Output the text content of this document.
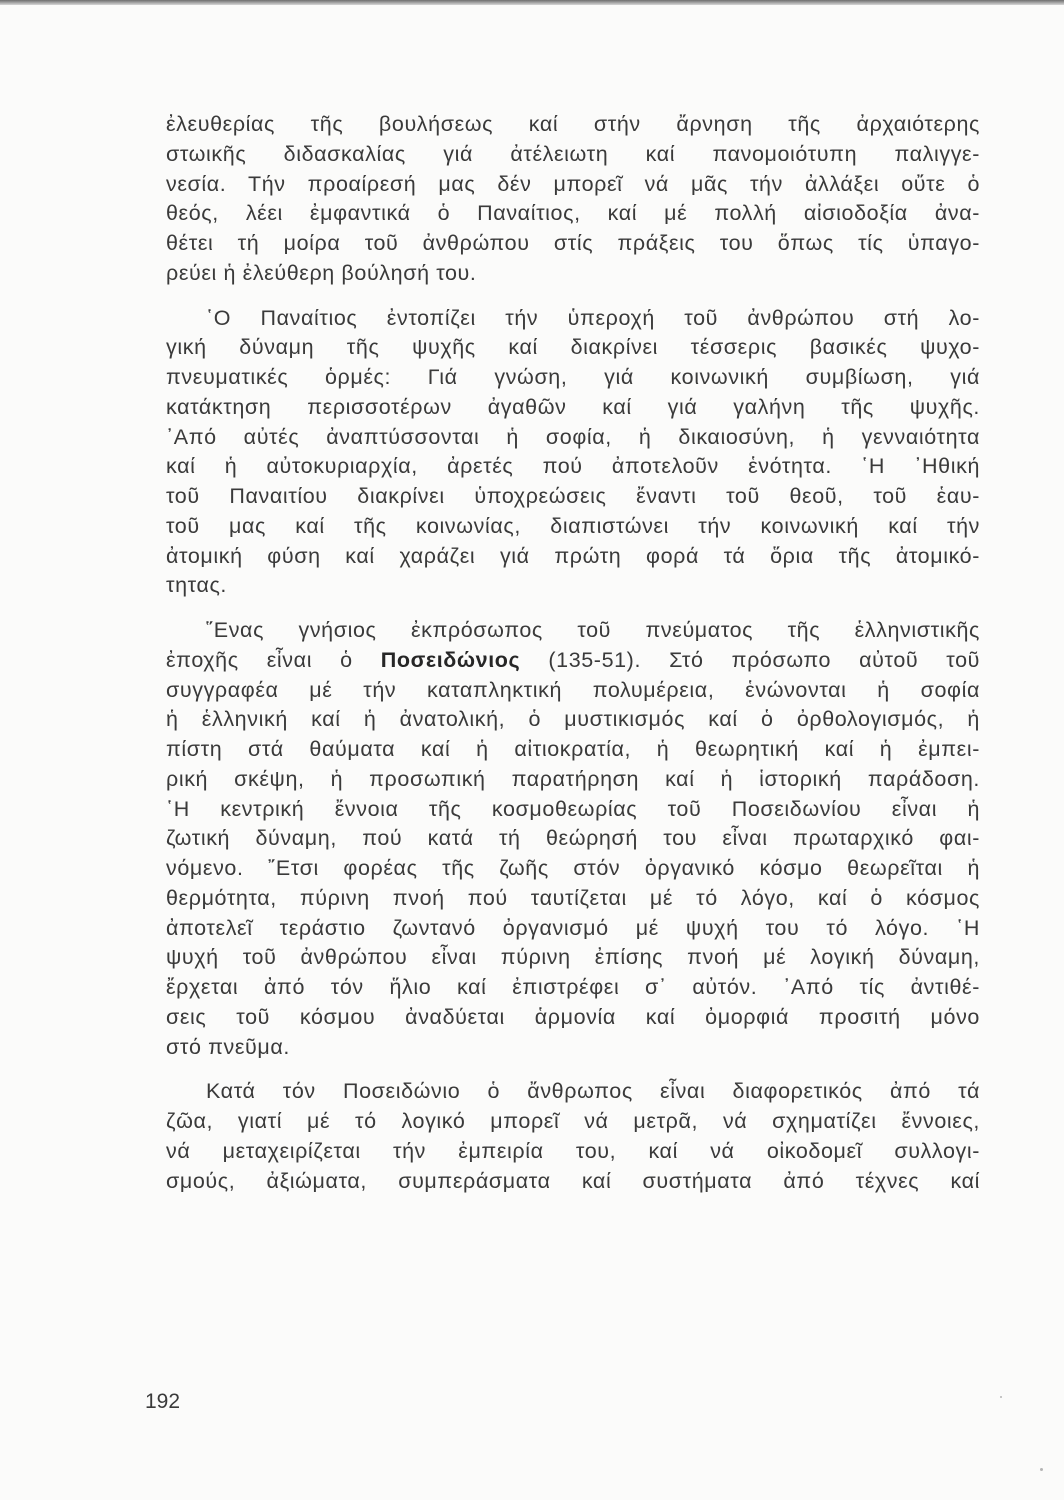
ἐλευθερίας τῆς βουλήσεως καί στήν ἄρνηση τῆς ἀρχαιότερης
στωικῆς διδασκαλίας γιά ἀτέλειωτη καί πανομοιότυπη παλιγγε-
νεσία. Τήν προαίρεσή μας δέν μπορεῖ νά μᾶς τήν ἀλλάξει οὔτε ὁ
θεός, λέει ἐμφαντικά ὁ Παναίτιος, καί μέ πολλή αἰσιοδοξία ἀνα-
θέτει τή μοίρα τοῦ ἀνθρώπου στίς πράξεις του ὅπως τίς ὑπαγο-
ρεύει ἡ ἐλεύθερη βούλησή του.
῾Ο Παναίτιος ἐντοπίζει τήν ὑπεροχή τοῦ ἀνθρώπου στή λο-
γική δύναμη τῆς ψυχῆς καί διακρίνει τέσσερις βασικές ψυχο-
πνευματικές ὁρμές: Γιά γνώση, γιά κοινωνική συμβίωση, γιά
κατάκτηση περισσοτέρων ἀγαθῶν καί γιά γαλήνη τῆς ψυχῆς.
᾿Από αὐτές ἀναπτύσσονται ἡ σοφία, ἡ δικαιοσύνη, ἡ γενναιότητα
καί ἡ αὐτοκυριαρχία, ἀρετές πού ἀποτελοῦν ἑνότητα. ῾Η ᾿Ηθική
τοῦ Παναιτίου διακρίνει ὑποχρεώσεις ἔναντι τοῦ θεοῦ, τοῦ ἑαυ-
τοῦ μας καί τῆς κοινωνίας, διαπιστώνει τήν κοινωνική καί τήν
ἀτομική φύση καί χαράζει γιά πρώτη φορά τά ὅρια τῆς ἀτομικό-
τητας.
῞Ενας γνήσιος ἐκπρόσωπος τοῦ πνεύματος τῆς ἑλληνιστικῆς
ἐποχῆς εἶναι ὁ Ποσειδώνιος (135-51). Στό πρόσωπο αὐτοῦ τοῦ
συγγραφέα μέ τήν καταπληκτική πολυμέρεια, ἑνώνονται ἡ σοφία
ἡ ἑλληνική καί ἡ ἀνατολική, ὁ μυστικισμός καί ὁ ὀρθολογισμός, ἡ
πίστη στά θαύματα καί ἡ αἰτιοκρατία, ἡ θεωρητική καί ἡ ἐμπει-
ρική σκέψη, ἡ προσωπική παρατήρηση καί ἡ ἱστορική παράδοση.
῾Η κεντρική ἔννοια τῆς κοσμοθεωρίας τοῦ Ποσειδωνίου εἶναι ἡ
ζωτική δύναμη, πού κατά τή θεώρησή του εἶναι πρωταρχικό φαι-
νόμενο. ῎Ετσι φορέας τῆς ζωῆς στόν ὀργανικό κόσμο θεωρεῖται ἡ
θερμότητα, πύρινη πνοή πού ταυτίζεται μέ τό λόγο, καί ὁ κόσμος
ἀποτελεῖ τεράστιο ζωντανό ὀργανισμό μέ ψυχή του τό λόγο. ῾Η
ψυχή τοῦ ἀνθρώπου εἶναι πύρινη ἐπίσης πνοή μέ λογική δύναμη,
ἔρχεται ἀπό τόν ἥλιο καί ἐπιστρέφει σ᾿ αὐτόν. ᾿Από τίς ἀντιθέ-
σεις τοῦ κόσμου ἀναδύεται ἁρμονία καί ὀμορφιά προσιτή μόνο
στό πνεῦμα.
Κατά τόν Ποσειδώνιο ὁ ἄνθρωπος εἶναι διαφορετικός ἀπό τά
ζῶα, γιατί μέ τό λογικό μπορεῖ νά μετρᾶ, νά σχηματίζει ἔννοιες,
νά μεταχειρίζεται τήν ἐμπειρία του, καί νά οἰκοδομεῖ συλλογι-
σμούς, ἀξιώματα, συμπεράσματα καί συστήματα ἀπό τέχνες καί
192
